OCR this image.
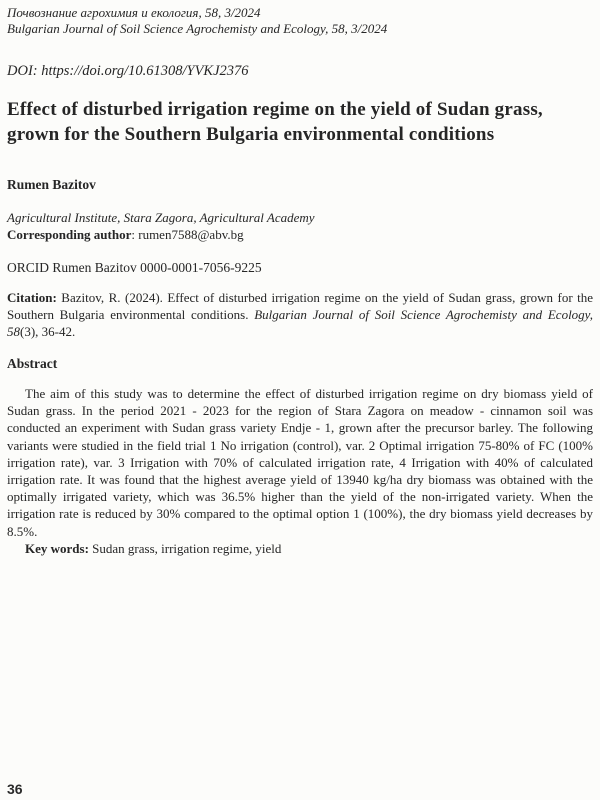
Почвознание агрохимия и екология, 58, 3/2024
Bulgarian Journal of Soil Science Agrochemisty and Ecology, 58, 3/2024
DOI: https://doi.org/10.61308/YVKJ2376
Effect of disturbed irrigation regime on the yield of Sudan grass, grown for the Southern Bulgaria environmental conditions
Rumen Bazitov
Agricultural Institute, Stara Zagora, Agricultural Academy
Corresponding author: rumen7588@abv.bg
ORCID Rumen Bazitov 0000-0001-7056-9225

Citation: Bazitov, R. (2024). Effect of disturbed irrigation regime on the yield of Sudan grass, grown for the Southern Bulgaria environmental conditions. Bulgarian Journal of Soil Science Agrochemisty and Ecology, 58(3), 36-42.

Abstract

The aim of this study was to determine the effect of disturbed irrigation regime on dry biomass yield of Sudan grass. In the period 2021 - 2023 for the region of Stara Zagora on meadow - cinnamon soil was conducted an experiment with Sudan grass variety Endje - 1, grown after the precursor barley. The following variants were studied in the field trial 1 No irrigation (control), var. 2 Optimal irrigation 75-80% of FC (100% irrigation rate), var. 3 Irrigation with 70% of calculated irrigation rate, 4 Irrigation with 40% of calculated irrigation rate. It was found that the highest average yield of 13940 kg/ha dry biomass was obtained with the optimally irrigated variety, which was 36.5% higher than the yield of the non-irrigated variety. When the irrigation rate is reduced by 30% compared to the optimal option 1 (100%), the dry biomass yield decreases by 8.5%.

Key words: Sudan grass, irrigation regime, yield

36
